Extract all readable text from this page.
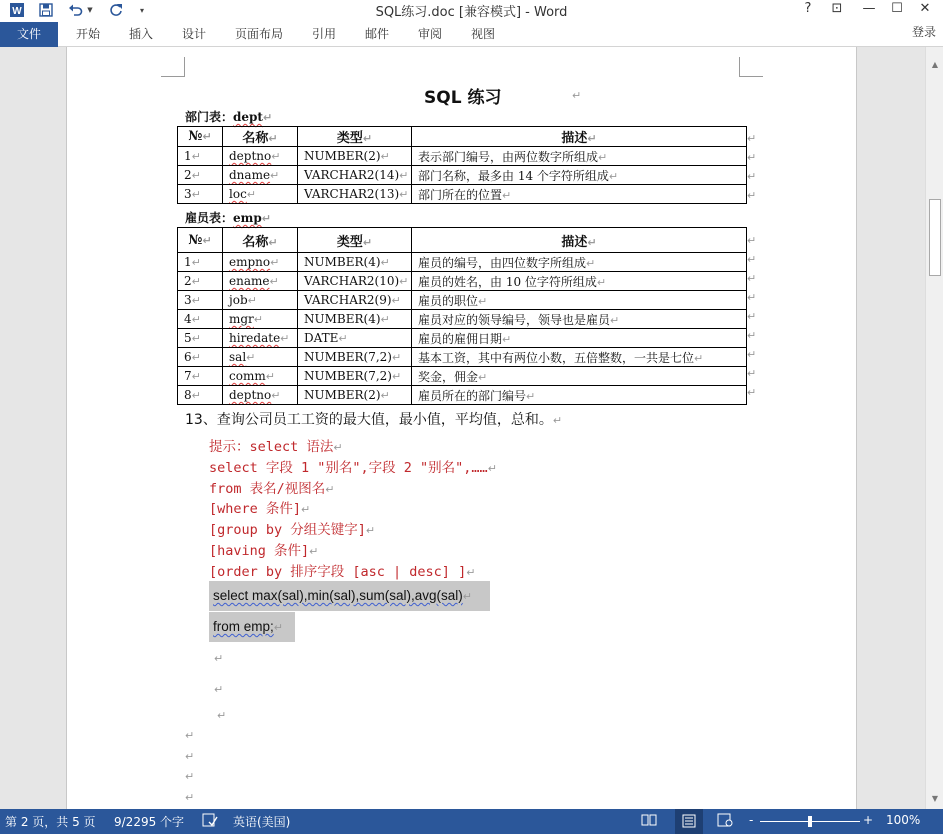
W	▼	▾	SQL练习.doc [兼容模式] - Word	?	⊡	—	☐	✕
文件	开始 插入 设计 页面布局 引用 邮件 审阅 视图	登录
SQL 练习	↵
部门表：dept↵
№↵	名称↵	类型↵	描述↵
1↵	deptno↵	NUMBER(2)↵	表示部门编号，由两位数字所组成↵
2↵	dname↵	VARCHAR2(14)↵	部门名称，最多由 14 个字符所组成↵
3↵	loc↵	VARCHAR2(13)↵	部门所在的位置↵
↵
↵
↵
↵
雇员表：emp↵
№↵	名称↵	类型↵	描述↵
1↵	empno↵	NUMBER(4)↵	雇员的编号，由四位数字所组成↵
2↵	ename↵	VARCHAR2(10)↵	雇员的姓名，由 10 位字符所组成↵
3↵	job↵	VARCHAR2(9)↵	雇员的职位↵
4↵	mgr↵	NUMBER(4)↵	雇员对应的领导编号，领导也是雇员↵
5↵	hiredate↵	DATE↵	雇员的雇佣日期↵
6↵	sal↵	NUMBER(7,2)↵	基本工资，其中有两位小数，五倍整数，一共是七位↵
7↵	comm↵	NUMBER(7,2)↵	奖金，佣金↵
8↵	deptno↵	NUMBER(2)↵	雇员所在的部门编号↵
↵
↵
↵
↵
↵
↵
↵
↵
↵
13、查询公司员工工资的最大值，最小值，平均值，总和。↵
提示：select 语法↵
select 字段 1 "别名",字段 2 "别名",……↵
from 表名/视图名↵
[where 条件]↵
[group by 分组关键字]↵
[having 条件]↵
[order by 排序字段 [asc | desc] ]↵
select max(sal),min(sal),sum(sal),avg(sal)↵
from emp;↵
↵
↵
↵
↵
↵
↵
↵
▲
▼
第 2 页，共 5 页 9/2295 个字	英语(美国)	-	+ 100%
